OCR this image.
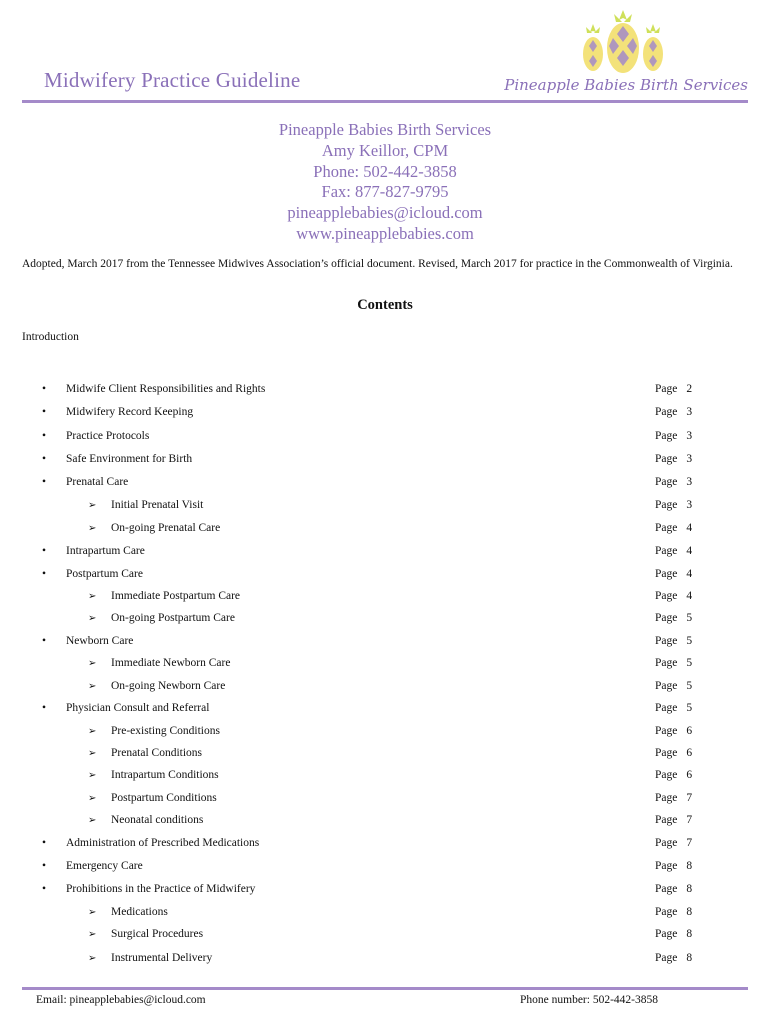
Midwifery Practice Guideline	Pineapple Babies Birth Services
Pineapple Babies Birth Services
Amy Keillor, CPM
Phone: 502-442-3858
Fax: 877-827-9795
pineapplebabies@icloud.com
www.pineapplebabies.com
Adopted, March 2017 from the Tennessee Midwives Association’s official document. Revised, March 2017 for practice in the Commonwealth of Virginia.
Contents
Introduction
• Midwife Client Responsibilities and Rights	Page 2
• Midwifery Record Keeping	Page 3
• Practice Protocols	Page 3
• Safe Environment for Birth	Page 3
• Prenatal Care	Page 3
➢ Initial Prenatal Visit	Page 3
➢ On-going Prenatal Care	Page 4
• Intrapartum Care	Page 4
• Postpartum Care	Page 4
➢ Immediate Postpartum Care	Page 4
➢ On-going Postpartum Care	Page 5
• Newborn Care	Page 5
➢ Immediate Newborn Care	Page 5
➢ On-going Newborn Care	Page 5
• Physician Consult and Referral	Page 5
➢ Pre-existing Conditions	Page 6
➢ Prenatal Conditions	Page 6
➢ Intrapartum Conditions	Page 6
➢ Postpartum Conditions	Page 7
➢ Neonatal conditions	Page 7
• Administration of Prescribed Medications	Page 7
• Emergency Care	Page 8
• Prohibitions in the Practice of Midwifery	Page 8
➢ Medications	Page 8
➢ Surgical Procedures	Page 8
➢ Instrumental Delivery	Page 8
Email: pineapplebabies@icloud.com	Phone number: 502-442-3858
